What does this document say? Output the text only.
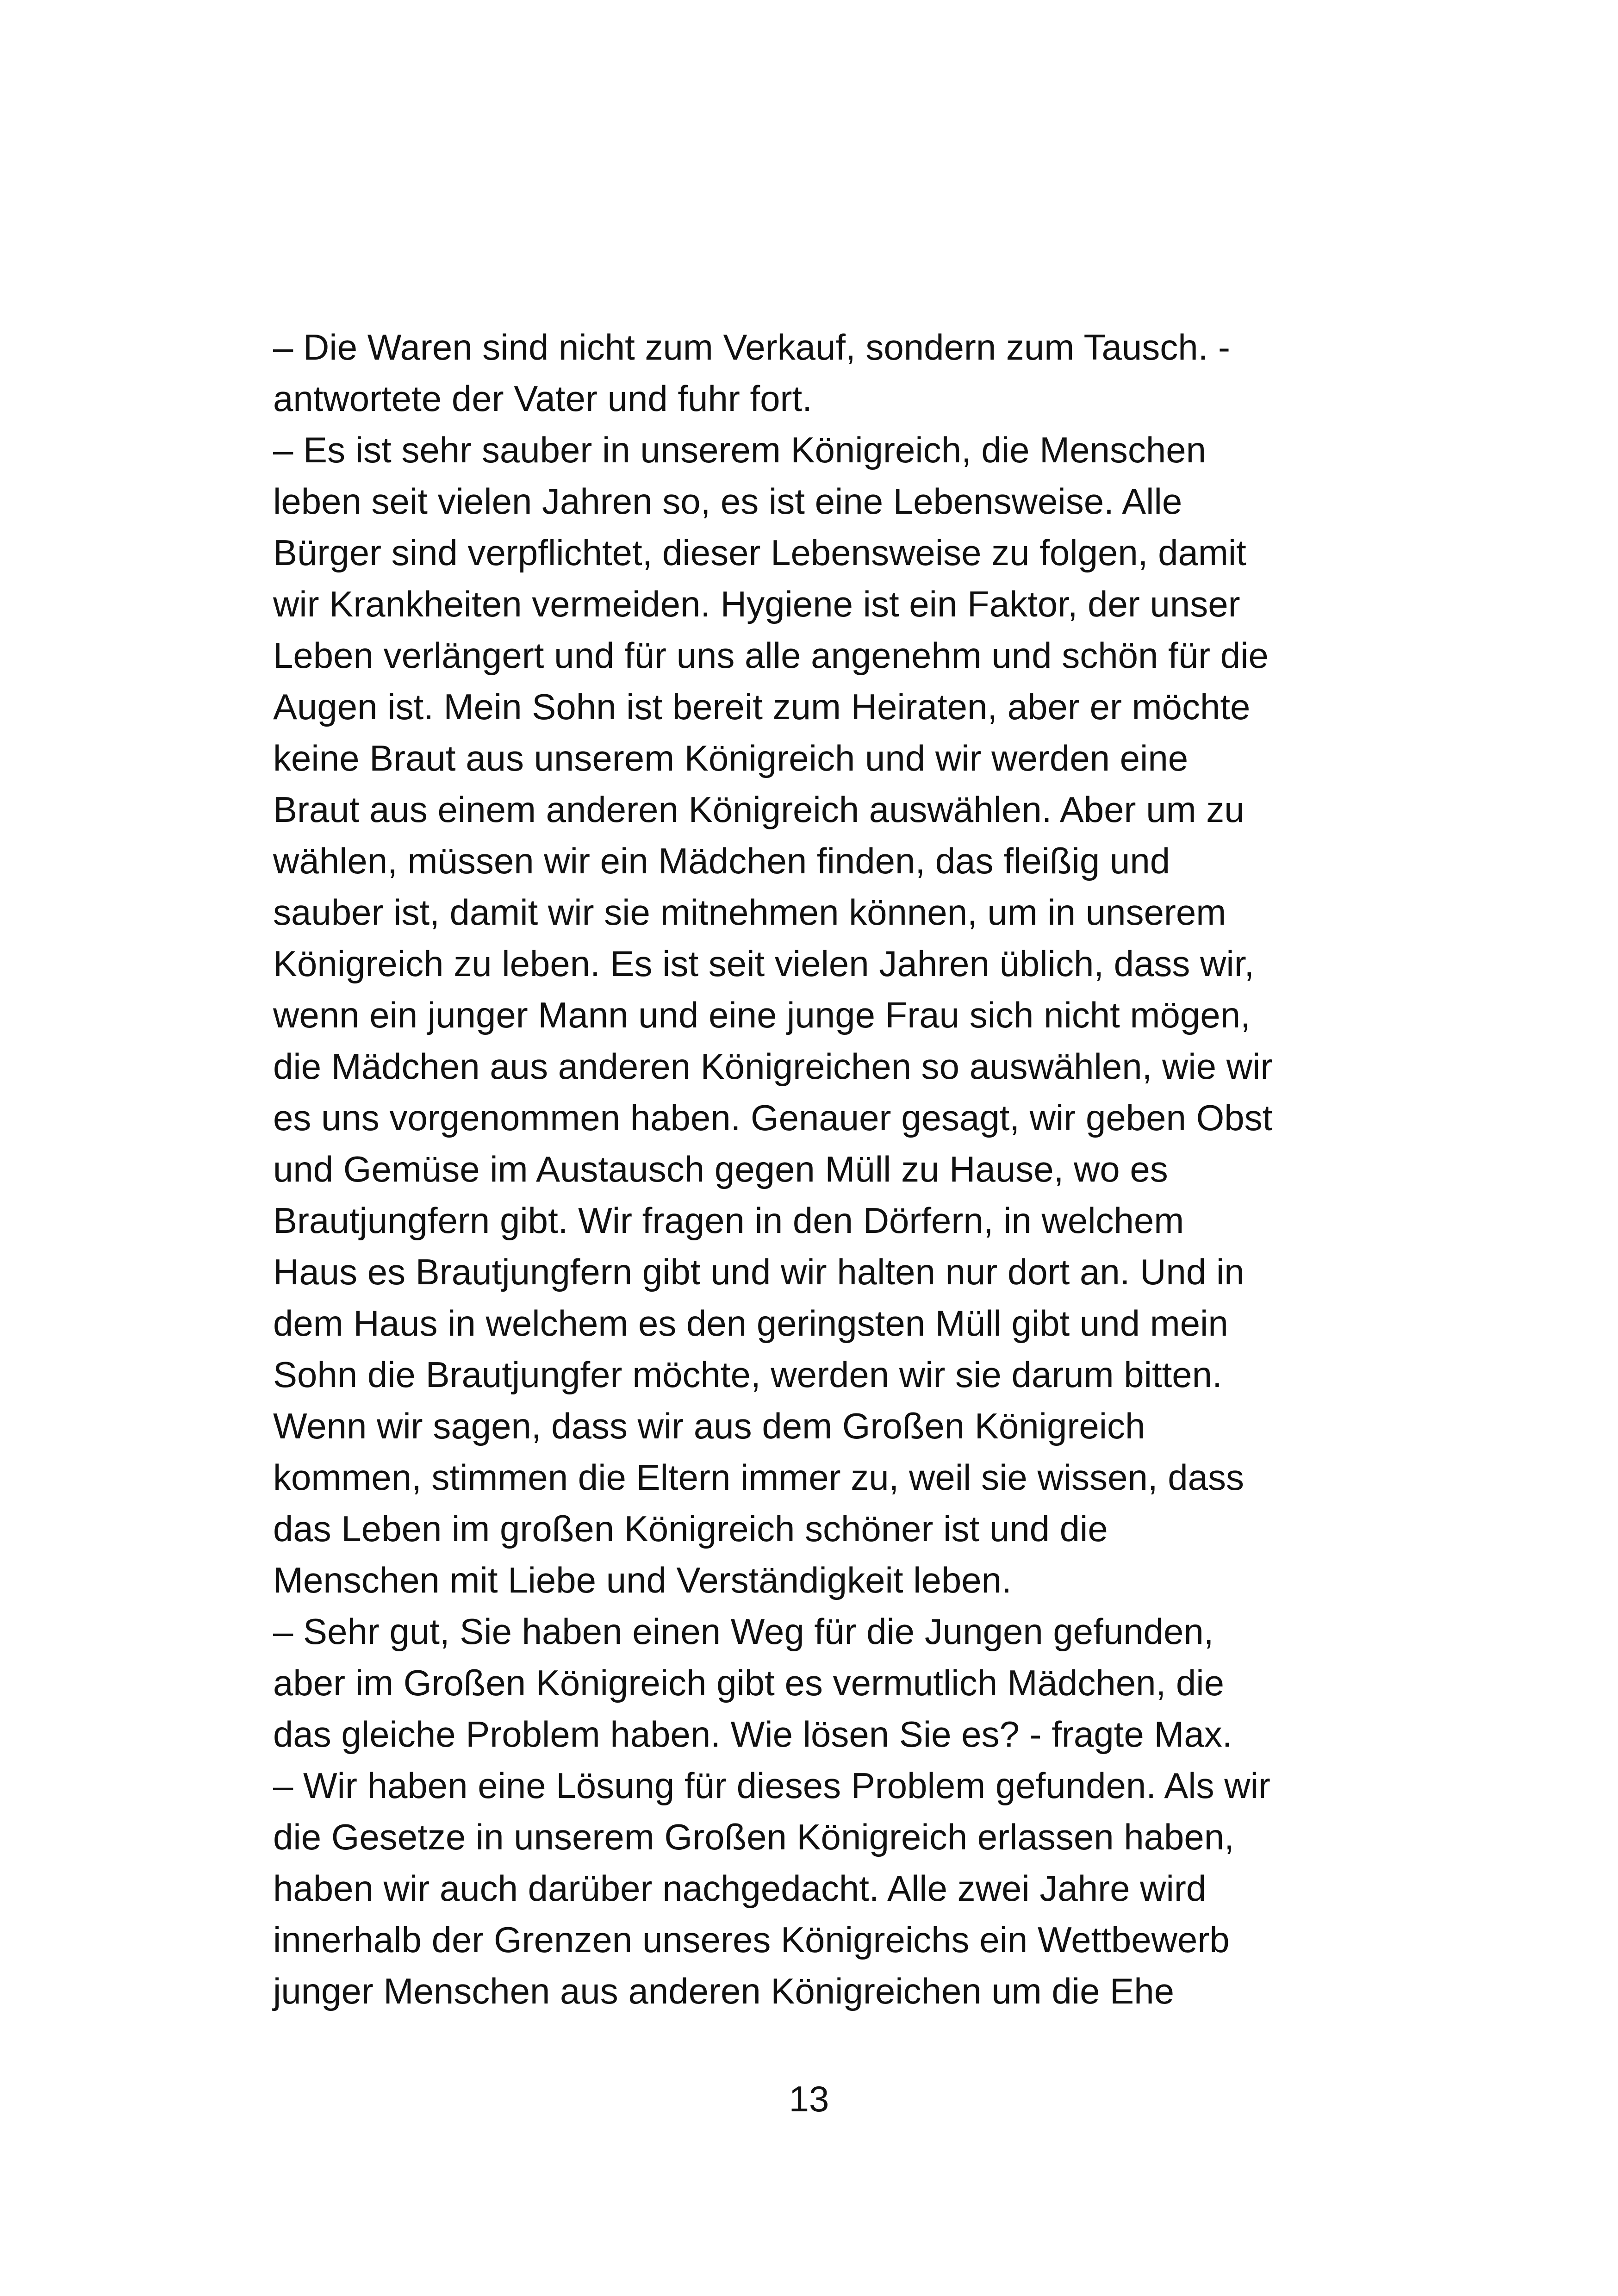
– Die Waren sind nicht zum Verkauf, sondern zum Tausch. -
antwortete der Vater und fuhr fort.
– Es ist sehr sauber in unserem Königreich, die Menschen
leben seit vielen Jahren so, es ist eine Lebensweise. Alle
Bürger sind verpflichtet, dieser Lebensweise zu folgen, damit
wir Krankheiten vermeiden. Hygiene ist ein Faktor, der unser
Leben verlängert und für uns alle angenehm und schön für die
Augen ist. Mein Sohn ist bereit zum Heiraten, aber er möchte
keine Braut aus unserem Königreich und wir werden eine
Braut aus einem anderen Königreich auswählen. Aber um zu
wählen, müssen wir ein Mädchen finden, das fleißig und
sauber ist, damit wir sie mitnehmen können, um in unserem
Königreich zu leben. Es ist seit vielen Jahren üblich, dass wir,
wenn ein junger Mann und eine junge Frau sich nicht mögen,
die Mädchen aus anderen Königreichen so auswählen, wie wir
es uns vorgenommen haben. Genauer gesagt, wir geben Obst
und Gemüse im Austausch gegen Müll zu Hause, wo es
Brautjungfern gibt. Wir fragen in den Dörfern, in welchem
Haus es Brautjungfern gibt und wir halten nur dort an. Und in
dem Haus in welchem es den geringsten Müll gibt und mein
Sohn die Brautjungfer möchte, werden wir sie darum bitten.
Wenn wir sagen, dass wir aus dem Großen Königreich
kommen, stimmen die Eltern immer zu, weil sie wissen, dass
das Leben im großen Königreich schöner ist und die
Menschen mit Liebe und Verständigkeit leben.
– Sehr gut, Sie haben einen Weg für die Jungen gefunden,
aber im Großen Königreich gibt es vermutlich Mädchen, die
das gleiche Problem haben. Wie lösen Sie es? - fragte Max.
– Wir haben eine Lösung für dieses Problem gefunden. Als wir
die Gesetze in unserem Großen Königreich erlassen haben,
haben wir auch darüber nachgedacht. Alle zwei Jahre wird
innerhalb der Grenzen unseres Königreichs ein Wettbewerb
junger Menschen aus anderen Königreichen um die Ehe
13
